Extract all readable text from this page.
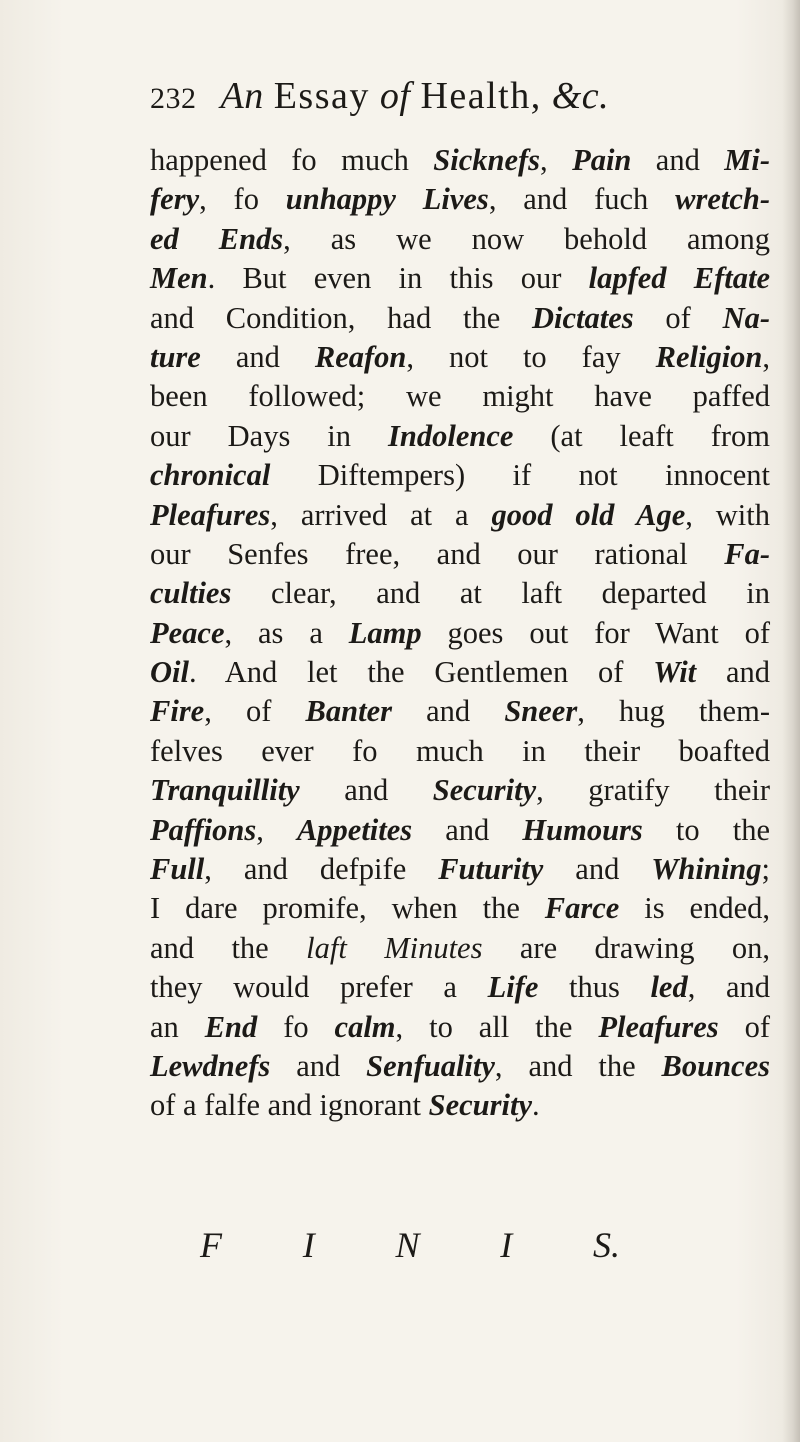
232 An Essay of Health, &c.
happened fo much Sicknefs, Pain and Mi-
fery, fo unhappy Lives, and fuch wretch-
ed Ends, as we now behold among
Men. But even in this our lapfed Eftate
and Condition, had the Dictates of Na-
ture and Reafon, not to fay Religion,
been followed; we might have paffed
our Days in Indolence (at leaft from
chronical Diftempers) if not innocent
Pleafures, arrived at a good old Age, with
our Senfes free, and our rational Fa-
culties clear, and at laft departed in
Peace, as a Lamp goes out for Want of
Oil. And let the Gentlemen of Wit and
Fire, of Banter and Sneer, hug them-
felves ever fo much in their boafted
Tranquillity and Security, gratify their
Paffions, Appetites and Humours to the
Full, and defpife Futurity and Whining;
I dare promife, when the Farce is ended,
and the laft Minutes are drawing on,
they would prefer a Life thus led, and
an End fo calm, to all the Pleafures of
Lewdnefs and Senfuality, and the Bounces
of a falfe and ignorant Security.
F I N I S.
